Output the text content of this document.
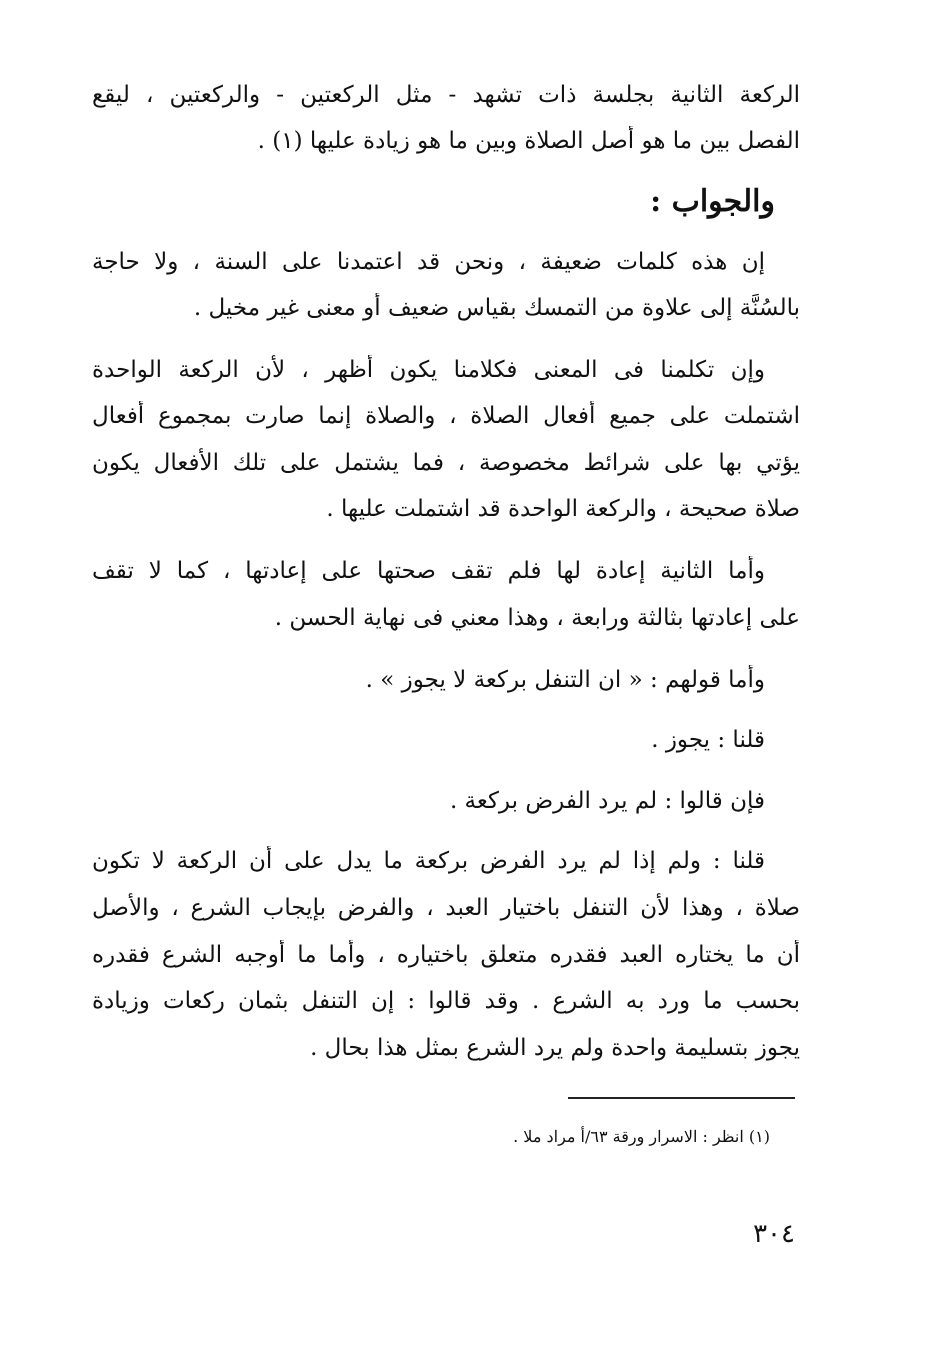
الركعة الثانية بجلسة ذات تشهد - مثل الركعتين - والركعتين ، ليقع
الفصل بين ما هو أصل الصلاة وبين ما هو زيادة عليها (١) .
والجواب :
إن هذه كلمات ضعيفة ، ونحن قد اعتمدنا على السنة ، ولا حاجة
بالسُنَّة إلى علاوة من التمسك بقياس ضعيف أو معنى غير مخيل .
وإن تكلمنا فى المعنى فكلامنا يكون أظهر ، لأن الركعة الواحدة
اشتملت على جميع أفعال الصلاة ، والصلاة إنما صارت بمجموع أفعال
يؤتي بها على شرائط مخصوصة ، فما يشتمل على تلك الأفعال يكون
صلاة صحيحة ، والركعة الواحدة قد اشتملت عليها .
وأما الثانية إعادة لها فلم تقف صحتها على إعادتها ، كما لا تقف
على إعادتها بثالثة ورابعة ، وهذا معني فى نهاية الحسن .
وأما قولهم : « ان التنفل بركعة لا يجوز » .
قلنا : يجوز .
فإن قالوا : لم يرد الفرض بركعة .
قلنا : ولم إذا لم يرد الفرض بركعة ما يدل على أن الركعة لا تكون
صلاة ، وهذا لأن التنفل باختيار العبد ، والفرض بإيجاب الشرع ، والأصل
أن ما يختاره العبد فقدره متعلق باختياره ، وأما ما أوجبه الشرع فقدره
بحسب ما ورد به الشرع . وقد قالوا : إن التنفل بثمان ركعات وزيادة
يجوز بتسليمة واحدة ولم يرد الشرع بمثل هذا بحال .
(١) انظر : الاسرار ورقة ٦٣/أ مراد ملا .
٣٠٤
